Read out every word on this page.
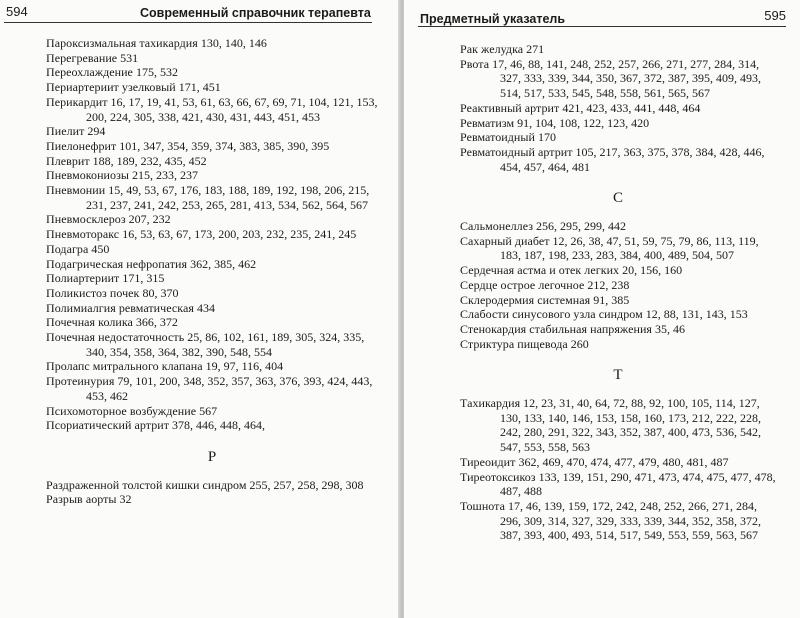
594	Современный справочник терапевта
Пароксизмальная тахикардия 130, 140, 146
Перегревание 531
Переохлаждение 175, 532
Периартериит узелковый 171, 451
Перикардит 16, 17, 19, 41, 53, 61, 63, 66, 67, 69, 71, 104, 121, 153, 200, 224, 305, 338, 421, 430, 431, 443, 451, 453
Пиелит 294
Пиелонефрит 101, 347, 354, 359, 374, 383, 385, 390, 395
Плеврит 188, 189, 232, 435, 452
Пневмокониозы 215, 233, 237
Пневмонии 15, 49, 53, 67, 176, 183, 188, 189, 192, 198, 206, 215, 231, 237, 241, 242, 253, 265, 281, 413, 534, 562, 564, 567
Пневмосклероз 207, 232
Пневмоторакс 16, 53, 63, 67, 173, 200, 203, 232, 235, 241, 245
Подагра 450
Подагрическая нефропатия 362, 385, 462
Полиартериит 171, 315
Поликистоз почек 80, 370
Полимиалгия ревматическая 434
Почечная колика 366, 372
Почечная недостаточность 25, 86, 102, 161, 189, 305, 324, 335, 340, 354, 358, 364, 382, 390, 548, 554
Пролапс митрального клапана 19, 97, 116, 404
Протеинурия 79, 101, 200, 348, 352, 357, 363, 376, 393, 424, 443, 453, 462
Психомоторное возбуждение 567
Псориатический артрит 378, 446, 448, 464,
Р
Раздраженной толстой кишки синдром 255, 257, 258, 298, 308
Разрыв аорты 32
Предметный указатель	595
Рак желудка 271
Рвота 17, 46, 88, 141, 248, 252, 257, 266, 271, 277, 284, 314, 327, 333, 339, 344, 350, 367, 372, 387, 395, 409, 493, 514, 517, 533, 545, 548, 558, 561, 565, 567
Реактивный артрит 421, 423, 433, 441, 448, 464
Ревматизм 91, 104, 108, 122, 123, 420
Ревматоидный 170
Ревматоидный артрит 105, 217, 363, 375, 378, 384, 428, 446, 454, 457, 464, 481
С
Сальмонеллез 256, 295, 299, 442
Сахарный диабет 12, 26, 38, 47, 51, 59, 75, 79, 86, 113, 119, 183, 187, 198, 233, 283, 384, 400, 489, 504, 507
Сердечная астма и отек легких 20, 156, 160
Сердце острое легочное 212, 238
Склеродермия системная 91, 385
Слабости синусового узла синдром 12, 88, 131, 143, 153
Стенокардия стабильная напряжения 35, 46
Стриктура пищевода 260
Т
Тахикардия 12, 23, 31, 40, 64, 72, 88, 92, 100, 105, 114, 127, 130, 133, 140, 146, 153, 158, 160, 173, 212, 222, 228, 242, 280, 291, 322, 343, 352, 387, 400, 473, 536, 542, 547, 553, 558, 563
Тиреоидит 362, 469, 470, 474, 477, 479, 480, 481, 487
Тиреотоксикоз 133, 139, 151, 290, 471, 473, 474, 475, 477, 478, 487, 488
Тошнота 17, 46, 139, 159, 172, 242, 248, 252, 266, 271, 284, 296, 309, 314, 327, 329, 333, 339, 344, 352, 358, 372, 387, 393, 400, 493, 514, 517, 549, 553, 559, 563, 567
